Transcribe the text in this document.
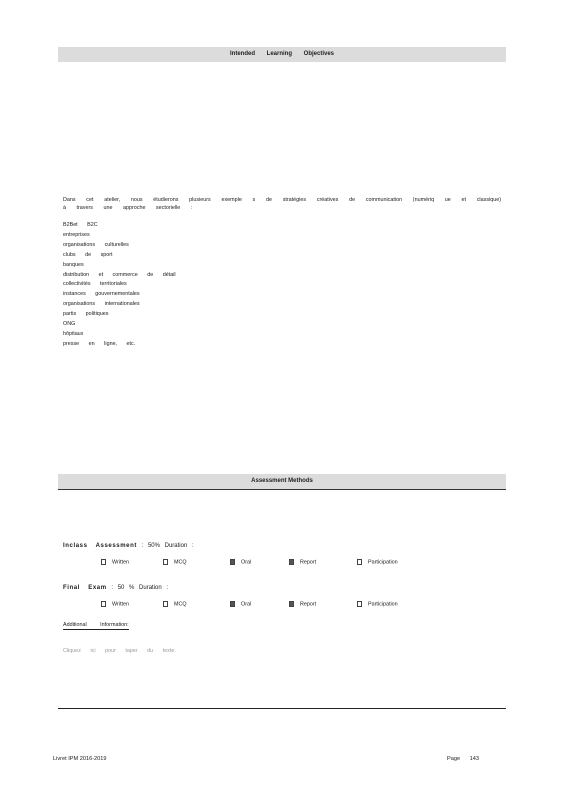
Intended Learning Objectives
Dans cet atelier, nous étudierons plusieurs exemple s de stratégies créatives de communication (numériq ue et classique) à travers une approche sectorielle :
B2Bet B2C
entreprises
organisations culturelles
clubs de sport
banques
distribution et commerce de détail
collectivités territoriales
instances gouvernementales
organisations internationales
partis politiques
ONG
hôpitaux
presse en ligne, etc.
Assessment Methods
Inclass Assessment : 50% Duration :
Written	MCQ	Oral	Report	Participation
Final Exam : 50 % Duration :
Written	MCQ	Oral	Report	Participation
Additional Information:
Cliquez ici pour taper du texte.
Livret IPM 2016-2019	Page 143
